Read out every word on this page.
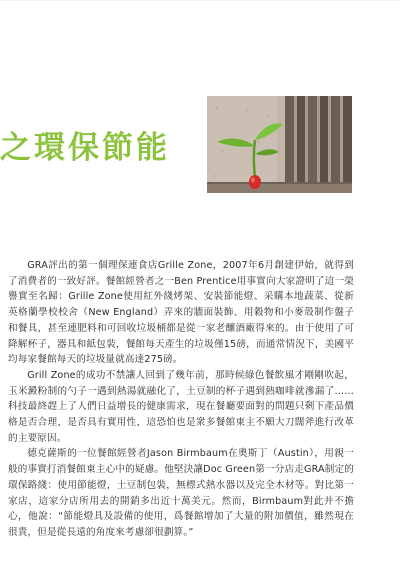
之環保節能

GRA評出的第一個理保連食店Grille Zone，2007年6月創建伊始，就得到了消費者的一致好評。餐館經營者之一Ben Prentice用事實向大家證明了這一榮譽實至名歸：Grille Zone使用紅外綫烤架、安裝節能燈、采購本地蔬菜、從新英格蘭學校校舍（New England）弄來的牆面裝飾、用穀物和小麥殼制作盤子和餐具，甚至連肥料和可回收垃圾桶都是從一家老釀酒廠得來的。由于使用了可降解杯子，器具和紙包裝，餐館每天產生的垃圾僅15磅，而通常情況下，美國平均每家餐館每天的垃圾量就高達275磅。

Grill Zone的成功不禁讓人回到了幾年前，那時候綠色餐飲風才剛剛吹起，玉米澱粉制的勺子一遇到熱湯就融化了，土豆制的杯子遇到熱咖啡就滲漏了……科技最終趕上了人們日益增長的健康需求，現在餐廳要面對的問題只剩下產品價格是否合理，是否具有實用性，這恐怕也是衆多餐館東主不願大刀闊斧進行改革的主要原因。

德克薩斯的一位餐館經營者Jason Birmbaum在奧斯丁（Austin），用親一般的事實打消餐館東主心中的疑慮。他堅決讓Doc Green第一分店走GRA制定的環保路綫：使用節能燈，土豆制包裝，無標式熱水器以及完全木材等。對比第一家店，這家分店所用去的開銷多出近十萬美元。然而，Birmbaum對此并不擔心，他說：“節能燈具及設備的使用，爲餐館增加了大量的附加價值，雖然現在很貴，但是從長遠的角度來考慮卻很劃算。”
